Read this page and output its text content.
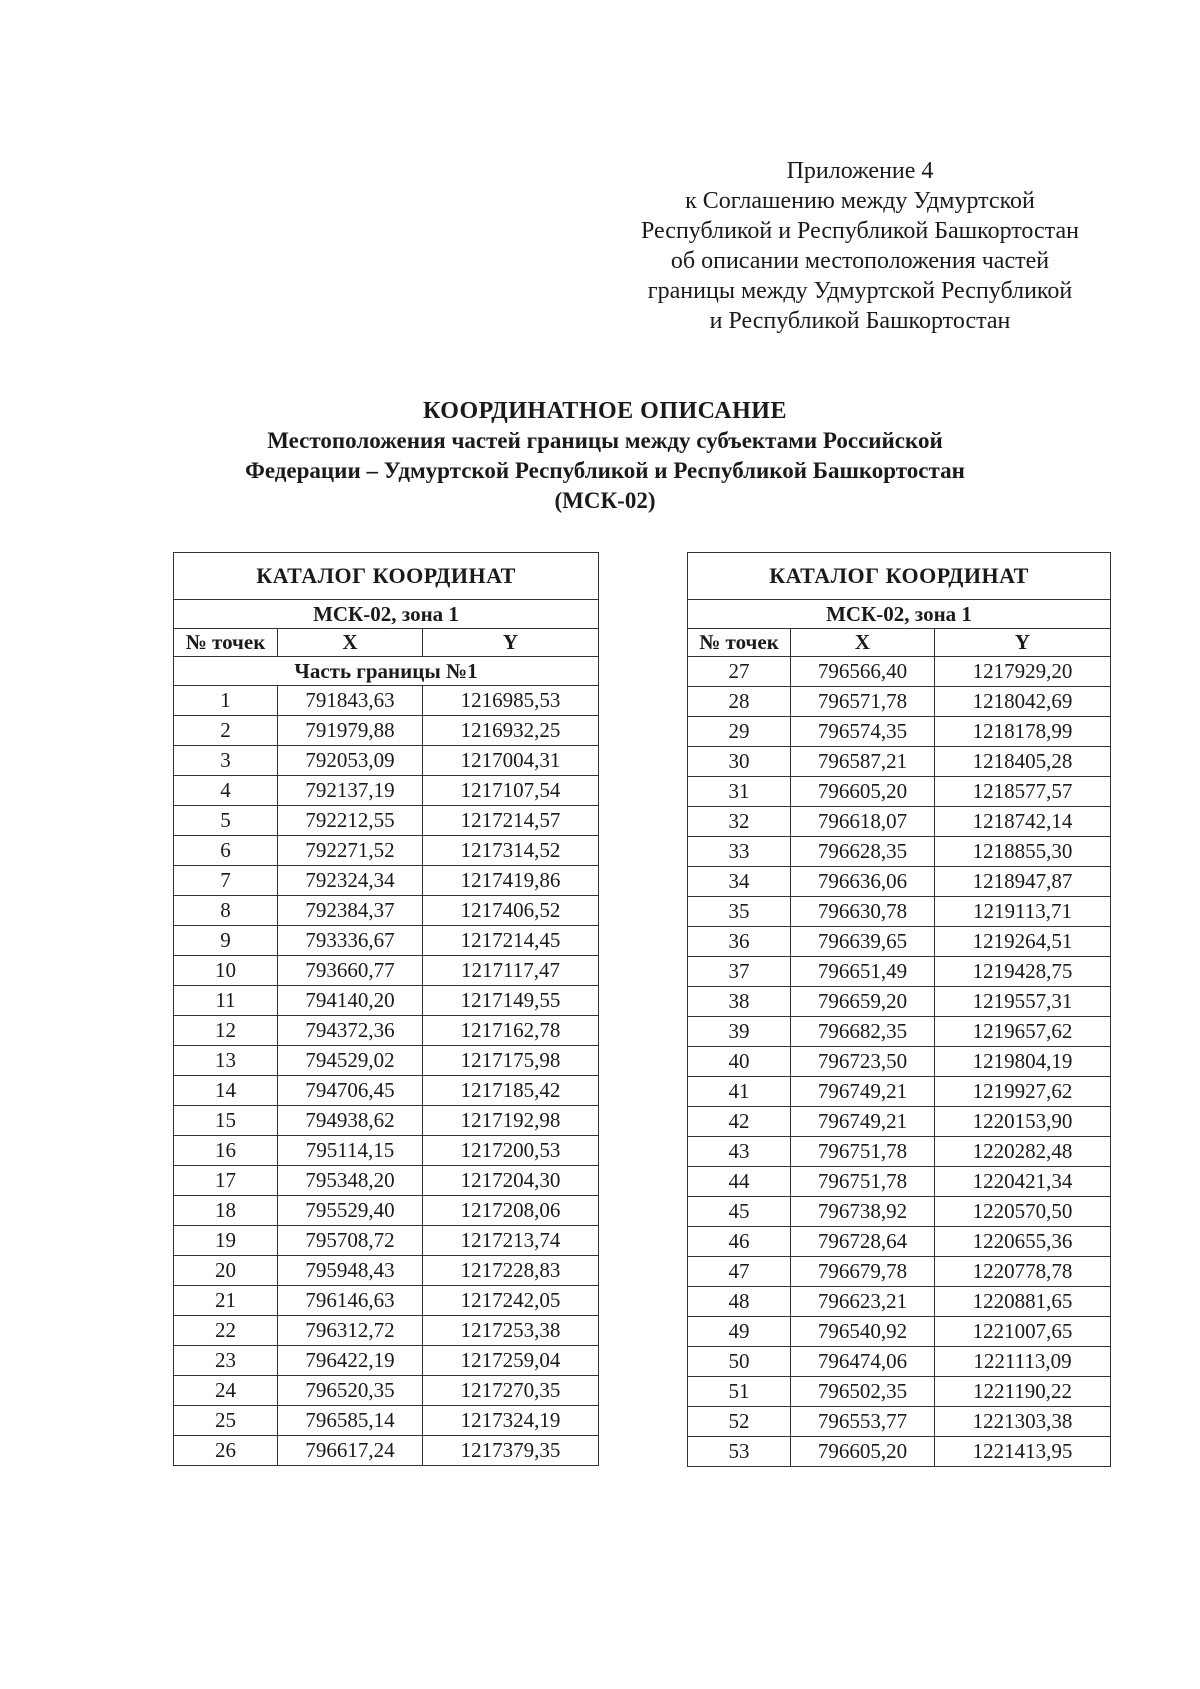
Приложение 4
к Соглашению между Удмуртской
Республикой и Республикой Башкортостан
об описании местоположения частей
границы между Удмуртской Республикой
и Республикой Башкортостан
КООРДИНАТНОЕ ОПИСАНИЕ
Местоположения частей границы между субъектами Российской
Федерации – Удмуртской Республикой и Республикой Башкортостан
(МСК-02)
КАТАЛОГ КООРДИНАТ		
МСК-02, зона 1		
№ точек	X	Y
Часть границы №1		
1	791843,63	1216985,53
2	791979,88	1216932,25
3	792053,09	1217004,31
4	792137,19	1217107,54
5	792212,55	1217214,57
6	792271,52	1217314,52
7	792324,34	1217419,86
8	792384,37	1217406,52
9	793336,67	1217214,45
10	793660,77	1217117,47
11	794140,20	1217149,55
12	794372,36	1217162,78
13	794529,02	1217175,98
14	794706,45	1217185,42
15	794938,62	1217192,98
16	795114,15	1217200,53
17	795348,20	1217204,30
18	795529,40	1217208,06
19	795708,72	1217213,74
20	795948,43	1217228,83
21	796146,63	1217242,05
22	796312,72	1217253,38
23	796422,19	1217259,04
24	796520,35	1217270,35
25	796585,14	1217324,19
26	796617,24	1217379,35
КАТАЛОГ КООРДИНАТ		
МСК-02, зона 1		
№ точек	X	Y
27	796566,40	1217929,20
28	796571,78	1218042,69
29	796574,35	1218178,99
30	796587,21	1218405,28
31	796605,20	1218577,57
32	796618,07	1218742,14
33	796628,35	1218855,30
34	796636,06	1218947,87
35	796630,78	1219113,71
36	796639,65	1219264,51
37	796651,49	1219428,75
38	796659,20	1219557,31
39	796682,35	1219657,62
40	796723,50	1219804,19
41	796749,21	1219927,62
42	796749,21	1220153,90
43	796751,78	1220282,48
44	796751,78	1220421,34
45	796738,92	1220570,50
46	796728,64	1220655,36
47	796679,78	1220778,78
48	796623,21	1220881,65
49	796540,92	1221007,65
50	796474,06	1221113,09
51	796502,35	1221190,22
52	796553,77	1221303,38
53	796605,20	1221413,95
